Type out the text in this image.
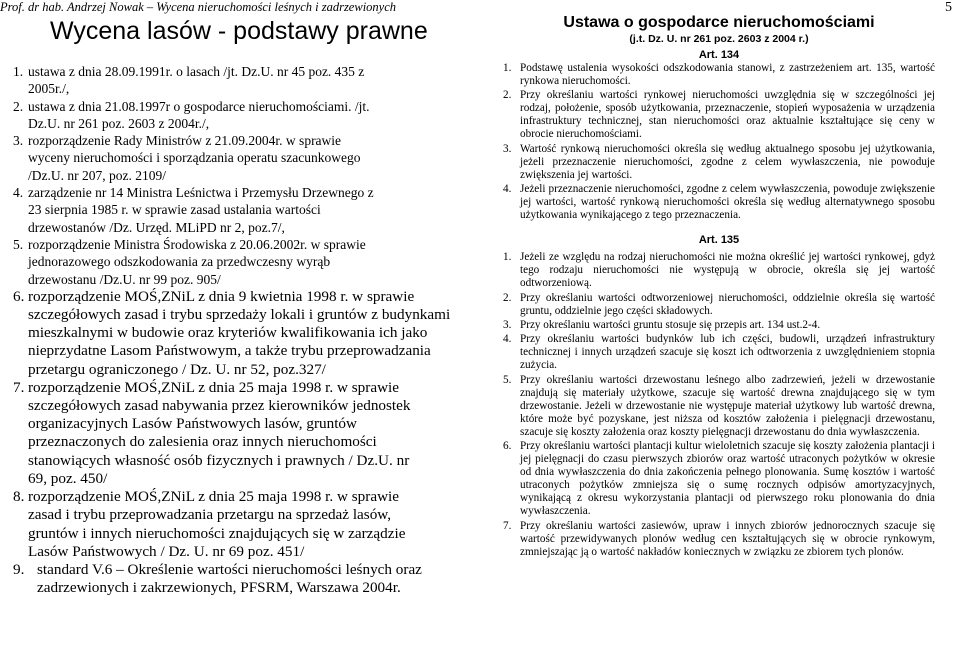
Prof. dr hab. Andrzej Nowak – Wycena nieruchomości leśnych i zadrzewionych	5
Wycena lasów - podstawy prawne
1. ustawa z dnia 28.09.1991r. o lasach /jt. Dz.U. nr 45 poz. 435 z
2005r./,
2. ustawa z dnia 21.08.1997r o gospodarce nieruchomościami. /jt.
Dz.U. nr 261 poz. 2603 z 2004r./,
3. rozporządzenie Rady Ministrów z 21.09.2004r. w sprawie
wyceny nieruchomości i sporządzania operatu szacunkowego
/Dz.U. nr 207, poz. 2109/
4. zarządzenie nr 14 Ministra Leśnictwa i Przemysłu Drzewnego z
23 sierpnia 1985 r. w sprawie zasad ustalania wartości
drzewostanów /Dz. Urzęd. MLiPD nr 2, poz.7/,
5. rozporządzenie Ministra Środowiska z 20.06.2002r. w sprawie
jednorazowego odszkodowania za przedwczesny wyrąb
drzewostanu /Dz.U. nr 99 poz. 905/
6. rozporządzenie MOŚ,ZNiL z dnia 9 kwietnia 1998 r. w sprawie
szczegółowych zasad i trybu sprzedaży lokali i gruntów z budynkami
mieszkalnymi w budowie oraz kryteriów kwalifikowania ich jako
nieprzydatne Lasom Państwowym, a także trybu przeprowadzania
przetargu ograniczonego / Dz. U. nr 52, poz.327/
7. rozporządzenie MOŚ,ZNiL z dnia 25 maja 1998 r. w sprawie
szczegółowych zasad nabywania przez kierowników jednostek
organizacyjnych Lasów Państwowych lasów, gruntów
przeznaczonych do zalesienia oraz innych nieruchomości
stanowiących własność osób fizycznych i prawnych / Dz.U. nr
69, poz. 450/
8. rozporządzenie MOŚ,ZNiL z dnia 25 maja 1998 r. w sprawie
zasad i trybu przeprowadzania przetargu na sprzedaż lasów,
gruntów i innych nieruchomości znajdujących się w zarządzie
Lasów Państwowych / Dz. U. nr 69 poz. 451/
9. standard V.6 – Określenie wartości nieruchomości leśnych oraz
zadrzewionych i zakrzewionych, PFSRM, Warszawa 2004r.
Ustawa o gospodarce nieruchomościami
(j.t. Dz. U. nr 261 poz. 2603 z 2004 r.)
Art. 134
1. Podstawę ustalenia wysokości odszkodowania stanowi, z zastrzeżeniem art. 135, wartość rynkowa nieruchomości.
2. Przy określaniu wartości rynkowej nieruchomości uwzględnia się w szczególności jej rodzaj, położenie, sposób użytkowania, przeznaczenie, stopień wyposażenia w urządzenia infrastruktury technicznej, stan nieruchomości oraz aktualnie kształtujące się ceny w obrocie nieruchomościami.
3. Wartość rynkową nieruchomości określa się według aktualnego sposobu jej użytkowania, jeżeli przeznaczenie nieruchomości, zgodne z celem wywłaszczenia, nie powoduje zwiększenia jej wartości.
4. Jeżeli przeznaczenie nieruchomości, zgodne z celem wywłaszczenia, powoduje zwiększenie jej wartości, wartość rynkową nieruchomości określa się według alternatywnego sposobu użytkowania wynikającego z tego przeznaczenia.
Art. 135
1. Jeżeli ze względu na rodzaj nieruchomości nie można określić jej wartości rynkowej, gdyż tego rodzaju nieruchomości nie występują w obrocie, określa się jej wartość odtworzeniową.
2. Przy określaniu wartości odtworzeniowej nieruchomości, oddzielnie określa się wartość gruntu, oddzielnie jego części składowych.
3. Przy określaniu wartości gruntu stosuje się przepis art. 134 ust.2-4.
4. Przy określaniu wartości budynków lub ich części, budowli, urządzeń infrastruktury technicznej i innych urządzeń szacuje się koszt ich odtworzenia z uwzględnieniem stopnia zużycia.
5. Przy określaniu wartości drzewostanu leśnego albo zadrzewień, jeżeli w drzewostanie znajdują się materiały użytkowe, szacuje się wartość drewna znajdującego się w tym drzewostanie. Jeżeli w drzewostanie nie występuje materiał użytkowy lub wartość drewna, które może być pozyskane, jest niższa od kosztów założenia i pielęgnacji drzewostanu, szacuje się koszty założenia oraz koszty pielęgnacji drzewostanu do dnia wywłaszczenia.
6. Przy określaniu wartości plantacji kultur wieloletnich szacuje się koszty założenia plantacji i jej pielęgnacji do czasu pierwszych zbiorów oraz wartość utraconych pożytków w okresie od dnia wywłaszczenia do dnia zakończenia pełnego plonowania. Sumę kosztów i wartość utraconych pożytków zmniejsza się o sumę rocznych odpisów amortyzacyjnych, wynikającą z okresu wykorzystania plantacji od pierwszego roku plonowania do dnia wywłaszczenia.
7. Przy określaniu wartości zasiewów, upraw i innych zbiorów jednorocznych szacuje się wartość przewidywanych plonów według cen kształtujących się w obrocie rynkowym, zmniejszając ją o wartość nakładów koniecznych w związku ze zbiorem tych plonów.
